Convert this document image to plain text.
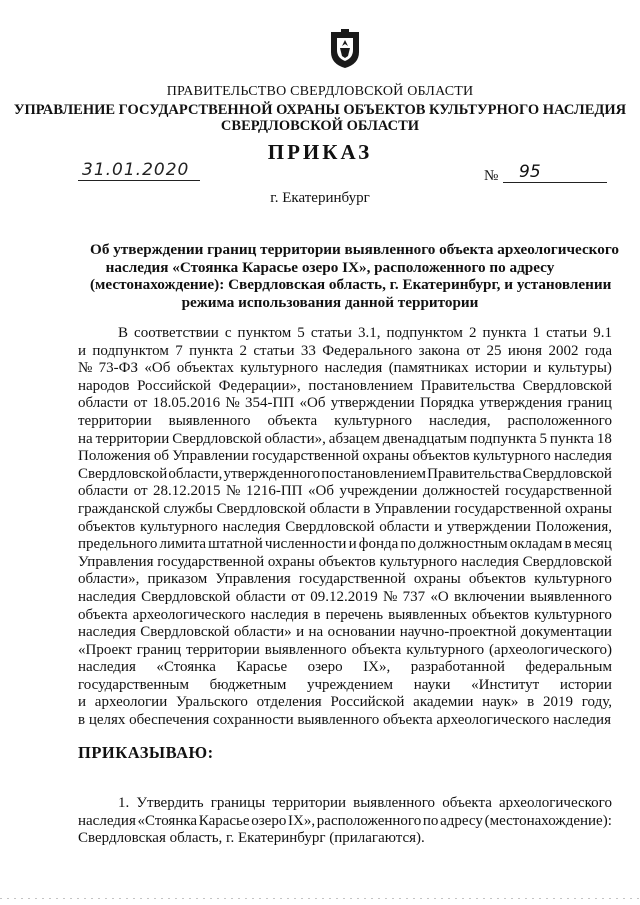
ПРАВИТЕЛЬСТВО СВЕРДЛОВСКОЙ ОБЛАСТИ
УПРАВЛЕНИЕ ГОСУДАРСТВЕННОЙ ОХРАНЫ ОБЪЕКТОВ КУЛЬТУРНОГО НАСЛЕДИЯ
СВЕРДЛОВСКОЙ ОБЛАСТИ
ПРИКАЗ
31.01.2020	№	95
г. Екатеринбург
Об утверждении границ территории выявленного объекта археологического
наследия «Стоянка Карасье озеро IX», расположенного по адресу
(местонахождение): Свердловская область, г. Екатеринбург, и установлении
режима использования данной территории
В соответствии с пунктом 5 статьи 3.1, подпунктом 2 пункта 1 статьи 9.1
и подпунктом 7 пункта 2 статьи 33 Федерального закона от 25 июня 2002 года
№ 73-ФЗ «Об объектах культурного наследия (памятниках истории и культуры)
народов Российской Федерации», постановлением Правительства Свердловской
области от 18.05.2016 № 354-ПП «Об утверждении Порядка утверждения границ
территории выявленного объекта культурного наследия, расположенного
на территории Свердловской области», абзацем двенадцатым подпункта 5 пункта 18
Положения об Управлении государственной охраны объектов культурного наследия
Свердловской области, утвержденного постановлением Правительства Свердловской
области от 28.12.2015 № 1216-ПП «Об учреждении должностей государственной
гражданской службы Свердловской области в Управлении государственной охраны
объектов культурного наследия Свердловской области и утверждении Положения,
предельного лимита штатной численности и фонда по должностным окладам в месяц
Управления государственной охраны объектов культурного наследия Свердловской
области», приказом Управления государственной охраны объектов культурного
наследия Свердловской области от 09.12.2019 № 737 «О включении выявленного
объекта археологического наследия в перечень выявленных объектов культурного
наследия Свердловской области» и на основании научно-проектной документации
«Проект границ территории выявленного объекта культурного (археологического)
наследия «Стоянка Карасье озеро IX», разработанной федеральным
государственным бюджетным учреждением науки «Институт истории
и археологии Уральского отделения Российской академии наук» в 2019 году,
в целях обеспечения сохранности выявленного объекта археологического наследия
ПРИКАЗЫВАЮ:
1. Утвердить границы территории выявленного объекта археологического
наследия «Стоянка Карасье озеро IX», расположенного по адресу (местонахождение):
Свердловская область, г. Екатеринбург (прилагаются).
